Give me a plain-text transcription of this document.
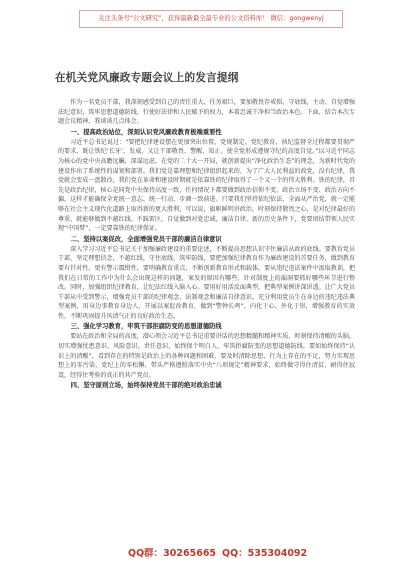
关注头条号“公文研究”，获得最新最全最专业的公文资料库！ 微信：gongwenyj
在机关党风廉政专题会议上的发言提纲

作为一名党员干部，我深刻感受到自己的责任重大、任务艰巨，要加敬畏存戒惧、守底线，主动、自觉增强法纪意识，筑牢思想道德防线，行使好法律和人民赋予的权力，本着忠诚干净担当政治本色。下面，结合本次专题会议精神，我谈谈几点体会。

一、提高政治站位，深刻认识党风廉政教育极端重要性

习近平总书记说过：“要把纪律建设摆在更加突出位置，党规制定、党纪教育、执纪监督全过程都要贯彻严的要求，既让铁纪‘长牙’、发威，又让干部敬畏、警醒、知止。使全党形成遵规守纪的高度自觉。”以习近平同志为核心的党中央高瞻远瞩，深谋远虑，在党的二十大一开局，就创新提出“净化政治生态”的理念，为新时代党的建设作出了系统性的谋划和部署。我们党是靠理想和纪律组织起来的，为了广大人民利益的政党，没有纪律，我党就会变成一盘散沙，我们党在革命和建设时期就是依靠铁的纪律取得了一个又一个的伟大胜利。铁的纪律，首先是政治纪律，核心是同党中央保持高度一致，任何情况下都要做到政治信仰不变、政治立场不变、政治方向不偏，这样才能确保全党统一意志、统一行动、步调一致前进。只要我们坚持依纪依法，全面从严治党，就一定能够在社会主义现代化道路上取得新的更大胜利，可以说，旗帜鲜明讲政治，时刻保持敬畏之心，是对纪律最好的尊重，就能够做到不越红线、不踩雷区，自觉做到对党忠诚、廉洁自律。新的历史条件下，党要团结带领人民实现“中国梦”，一定要靠铁的纪律保证。

二、坚持以案促改，全面增强党员干部的廉洁自律意识

深入学习习近平总书记关于加强廉政建设的重要论述，不断提高思想认识守住廉洁从政的底线。要教育党员干部，坚定理想信念，不越红线，守住底线，筑牢防线，要把加强纪律教育作为廉政建设的首要任务，做到教育要有针对性、更有警示震慑性。要明确教育重点，不断创新教育形式和载体，要从违纪违法案件中汲取教训，把我们在日常的工作中为什么会出现这样的问题，案发的原因有哪些，针对制度上的漏洞要抓好哪些环节进行整改。同时，加强组织纪律教育，让纪法红线入脑入心。要用好用活反面典型，把典型案例讲深讲透。让广大党员干部从中受到警示，增强党员干部的纪律观念，法制观念和廉洁自律意识。充分利用党员生在身边的违纪违法典型案例，用身边事教育身边人，开展以案促改教育，做到“警钟长鸣”，内化于心、外化于形，增强教育的实效性，不断巩固提升风清气正的良好政治生态。

三、强化学习教育，牢筑干部拒腐防变的思想道德防线

要站在政治和全局的高度，潜心领会习近平总书记重要讲话的思想精髓和精神实质，时刻保持清醒的头脑，切实增强忧患意识、风险意识、责任意识，始终保个明白人，牢筑拒腐防变的思想道德防线。要如始终保持“认识上的清醒”，看到存在的特别是政治上的各种问题和困难，要及时清除思想、行为上存在的不足，努力实现思想上的零污染，党纪上的零松懈。带头严格遵照落实中央“八项规定”精神要求，始终做守得住清贫，耐得住寂寞，经得住考验的真正的共产党员。

四、坚守原则立场，始终保持党员干部的绝对政治忠诚
QQ群：30265665 QQ：535304092
